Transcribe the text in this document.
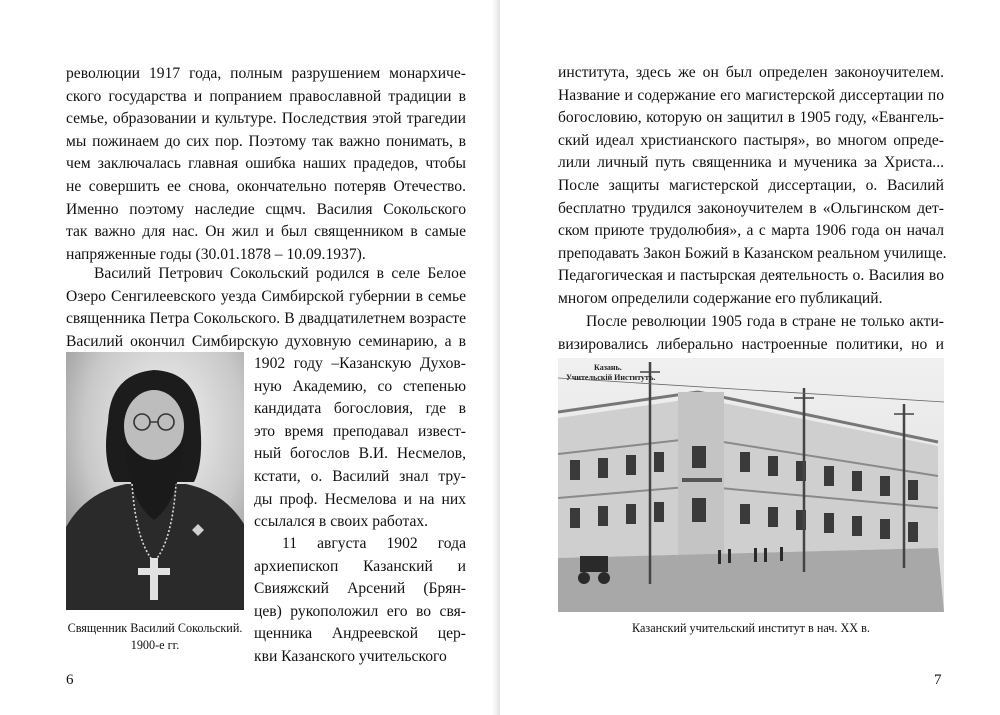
революции 1917 года, полным разрушением монархиче-
ского государства и попранием православной традиции в
семье, образовании и культуре. Последствия этой трагедии
мы пожинаем до сих пор. Поэтому так важно понимать, в
чем заключалась главная ошибка наших прадедов, чтобы
не совершить ее снова, окончательно потеряв Отечество.
Именно поэтому наследие сщмч. Василия Сокольского
так важно для нас. Он жил и был священником в самые
напряженные годы (30.01.1878 – 10.09.1937).
Василий Петрович Сокольский родился в селе Белое
Озеро Сенгилеевского уезда Симбирской губернии в семье
священника Петра Сокольского. В двадцатилетнем возрасте
Василий окончил Симбирскую духовную семинарию, а в
1902 году –Казанскую Духов-
ную Академию, со степенью
кандидата богословия, где в
это время преподавал извест-
ный богослов В.И. Несмелов,
кстати, о. Василий знал тру-
ды проф. Несмелова и на них
ссылался в своих работах.
11 августа 1902 года
архиепископ Казанский и
Свияжский Арсений (Брян-
цев) рукоположил его во свя-
щенника Андреевской цер-
кви Казанского учительского
Священник Василий Сокольский.
1900-е гг.
6
института, здесь же он был определен законоучителем.
Название и содержание его магистерской диссертации по
богословию, которую он защитил в 1905 году, «Евангель-
ский идеал христианского пастыря», во многом опреде-
лили личный путь священника и мученика за Христа...
После защиты магистерской диссертации, о. Василий
бесплатно трудился законоучителем в «Ольгинском дет-
ском приюте трудолюбия», а с марта 1906 года он начал
преподавать Закон Божий в Казанском реальном училище.
Педагогическая и пастырская деятельность о. Василия во
многом определили содержание его публикаций.
После революции 1905 года в стране не только акти-
визировались либерально настроенные политики, но и
7
Казань.
Учительскій Институтъ.
Казанский учительский институт в нач. XX в.
